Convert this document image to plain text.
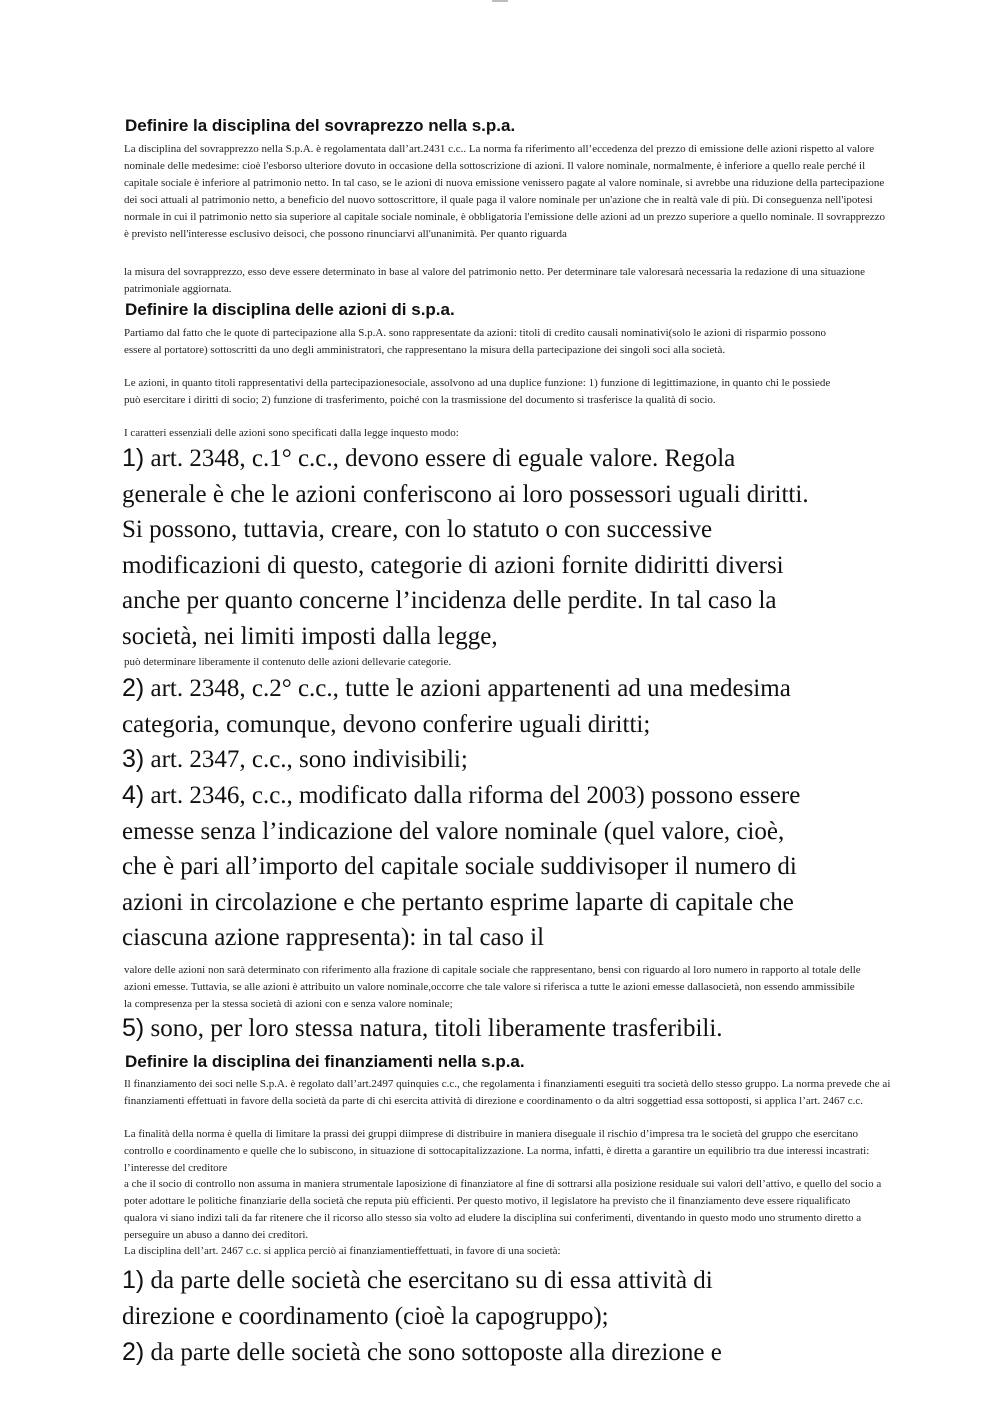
Definire la disciplina del sovraprezzo nella s.p.a.

La disciplina del sovrapprezzo nella S.p.A. è regolamentata dall’art.2431 c.c.. La norma fa riferimento all’eccedenza del prezzo di emissione delle azioni rispetto al valore nominale delle medesime: cioè l'esborso ulteriore dovuto in occasione della sottoscrizione di azioni. Il valore nominale, normalmente, è inferiore a quello reale perché il capitale sociale è inferiore al patrimonio netto. In tal caso, se le azioni di nuova emissione venissero pagate al valore nominale, si avrebbe una riduzione della partecipazione dei soci attuali al patrimonio netto, a beneficio del nuovo sottoscrittore, il quale paga il valore nominale per un'azione che in realtà vale di più. Di conseguenza nell'ipotesi normale in cui il patrimonio netto sia superiore al capitale sociale nominale, è obbligatoria l'emissione delle azioni ad un prezzo superiore a quello nominale. Il sovrapprezzo è previsto nell'interesse esclusivo deisoci, che possono rinunciarvi all'unanimità. Per quanto riguarda

la misura del sovrapprezzo, esso deve essere determinato in base al valore del patrimonio netto. Per determinare tale valoresarà necessaria la redazione di una situazione patrimoniale aggiornata.

Definire la disciplina delle azioni di s.p.a.

Partiamo dal fatto che le quote di partecipazione alla S.p.A. sono rappresentate da azioni: titoli di credito causali nominativi(solo le azioni di risparmio possono essere al portatore) sottoscritti da uno degli amministratori, che rappresentano la misura della partecipazione dei singoli soci alla società.

Le azioni, in quanto titoli rappresentativi della partecipazionesociale, assolvono ad una duplice funzione: 1) funzione di legittimazione, in quanto chi le possiede può esercitare i diritti di socio; 2) funzione di trasferimento, poiché con la trasmissione del documento si trasferisce la qualità di socio.

I caratteri essenziali delle azioni sono specificati dalla legge inquesto modo:

1) art. 2348, c.1° c.c., devono essere di eguale valore. Regola
generale è che le azioni conferiscono ai loro possessori uguali diritti.
Si possono, tuttavia, creare, con lo statuto o con successive
modificazioni di questo, categorie di azioni fornite didiritti diversi
anche per quanto concerne l’incidenza delle perdite. In tal caso la
società, nei limiti imposti dalla legge,

può determinare liberamente il contenuto delle azioni dellevarie categorie.

2) art. 2348, c.2° c.c., tutte le azioni appartenenti ad una medesima
categoria, comunque, devono conferire uguali diritti;
3) art. 2347, c.c., sono indivisibili;
4) art. 2346, c.c., modificato dalla riforma del 2003) possono essere
emesse senza l’indicazione del valore nominale (quel valore, cioè,
che è pari all’importo del capitale sociale suddivisoper il numero di
azioni in circolazione e che pertanto esprime laparte di capitale che
ciascuna azione rappresenta): in tal caso il

valore delle azioni non sarà determinato con riferimento alla frazione di capitale sociale che rappresentano, bensì con riguardo al loro numero in rapporto al totale delle azioni emesse. Tuttavia, se alle azioni è attribuito un valore nominale,occorre che tale valore si riferisca a tutte le azioni emesse dallasocietà, non essendo ammissibile la compresenza per la stessa società di azioni con e senza valore nominale;

5) sono, per loro stessa natura, titoli liberamente trasferibili.
Definire la disciplina dei finanziamenti nella s.p.a.

Il finanziamento dei soci nelle S.p.A. è regolato dall’art.2497 quinquies c.c., che regolamenta i finanziamenti eseguiti tra società dello stesso gruppo. La norma prevede che ai finanziamenti effettuati in favore della società da parte di chi esercita attività di direzione e coordinamento o da altri soggettiad essa sottoposti, si applica l’art. 2467 c.c.

La finalità della norma è quella di limitare la prassi dei gruppi diimprese di distribuire in maniera diseguale il rischio d’impresa tra le società del gruppo che esercitano controllo e coordinamento e quelle che lo subiscono, in situazione di sottocapitalizzazione. La norma, infatti, è diretta a garantire un equilibrio tra due interessi incastrati: l’interesse del creditore

a che il socio di controllo non assuma in maniera strumentale laposizione di finanziatore al fine di sottrarsi alla posizione residuale sui valori dell’attivo, e quello del socio a poter adottare le politiche finanziarie della società che reputa più efficienti. Per questo motivo, il legislatore ha previsto che il finanziamento deve essere riqualificato qualora vi siano indizi tali da far ritenere che il ricorso allo stesso sia volto ad eludere la disciplina sui conferimenti, diventando in questo modo uno strumento diretto a perseguire un abuso a danno dei creditori.

La disciplina dell’art. 2467 c.c. si applica perciò ai finanziamentieffettuati, in favore di una società:

1) da parte delle società che esercitano su di essa attività di
direzione e coordinamento (cioè la capogruppo);
2) da parte delle società che sono sottoposte alla direzione e
